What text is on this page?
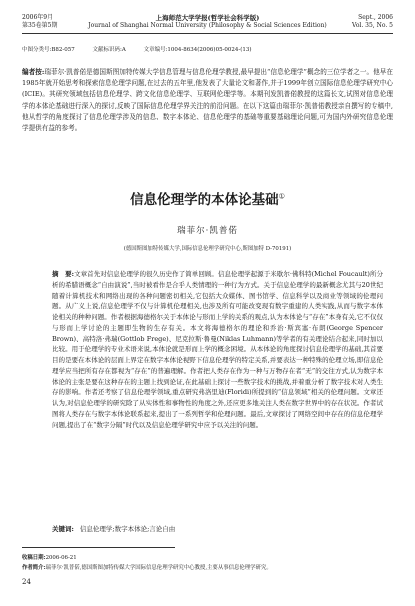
2006年9月
第35卷第5期
上海师范大学学报(哲学社会科学版)
Journal of Shanghai Normal University (Philosophy & Social Sciences Edition)
Sept., 2006
Vol. 35, No. 5
中图分类号:B82-057	文献标识码:A	文章编号:1004-8634(2006)05-0024-(13)
编者按:瑞菲尔·凯普偌是德国斯图加特传媒大学信息管理与信息伦理学教授,最早提出“信息伦理学”概念的三位学者之一。他早在1985年就开始思考和探索信息伦理学问题,在过去的五年里,他发表了大量论文和著作,并于1999年创立国际信息伦理学研究中心(ICIE)。其研究领域包括信息伦理学、跨文化信息伦理学、互联网伦理学等。本期刊发凯普偌教授的这篇长文,试图对信息伦理学的本体论基础进行深入的探讨,反映了国际信息伦理学界关注的前沿问题。在以下这篇由瑞菲尔·凯普偌教授亲自撰写的专稿中,他从哲学的角度探讨了信息伦理学涉及的信息、数字本体论、信息伦理学的基础等重要基础理论问题,可为国内外研究信息伦理学提供有益的参考。
信息伦理学的本体论基础①
瑞菲尔·凯普偌
(德国斯图加特传媒大学,国际信息伦理学研究中心,斯图加特 D-70191)
摘　要:文章首先对信息伦理学的很久历史作了简单回顾。信息伦理学起源于米歇尔·佛科特(Michel Foucault)所分析的希腊语概念“自由演说”,当时被看作是合乎人类情理的一种行为方式。关于信息伦理学的最新概念尤其与20世纪随着计算机技术和网络出现的各种问题密切相关,它包括大众媒体、图书馆学、信息科学以及商业等领域的伦理问题。从广义上说,信息伦理学不仅与计算机伦理相关,也涉及所有可能改变现有数字重建的人类实践,从而与数字本体论相关的种种问题。作者根据海德格尔关于本体论与形而上学的关系的观点,认为本体论与“存在”本身有关,它不仅仅与形而上学讨论的主题即生物的生存有关。本文将海德格尔的理论和乔治·斯宾塞·布朗(George Spencer Brown)、高特洛·弗瑞(Gottlob Frege)、尼克拉斯·鲁曼(Niklas Luhmann)等学者的有关理论结合起来,同时加以比较。用于伦理学的专业术语来说,本体论就是形而上学的概念困境。从本体论的角度探讨信息伦理学的基础,其首要目的是要在本体论的层面上界定在数字本体论视野下信息伦理学的特定关系,并要表达一种特殊的伦理立场,即信息伦理学应当把所有存在都视为“存在”的普遍理解。作者把人类存在作为一种与万物存在者“无”的交往方式,认为数字本体论的主张是要在这种存在的主题上找到论证,在此基础上探讨一些数字技术的挑战,并着重分析了数字技术对人类生存的影响。作者还考察了信息伦理学领域,重点研究弗洛里迪(Floridi)所提到的“信息领域”相关的伦理问题。文章还认为,对信息伦理学的研究除了从实体性和事物性的角度之外,还应更多地关注人类在数字世界中的存在状况。作者试图将人类存在与数字本体论联系起来,提出了一系列哲学和伦理问题。最后,文章探讨了网络空间中存在的信息伦理学问题,提出了在“数字分隔”时代以及信息伦理学研究中应予以关注的问题。
关键词: 信息伦理学;数字本体论;言论自由
收稿日期:2006-06-21
作者简介:瑞菲尔·凯普偌,德国斯图加特传媒大学国际信息伦理学研究中心教授,主要从事信息伦理学研究。
24
